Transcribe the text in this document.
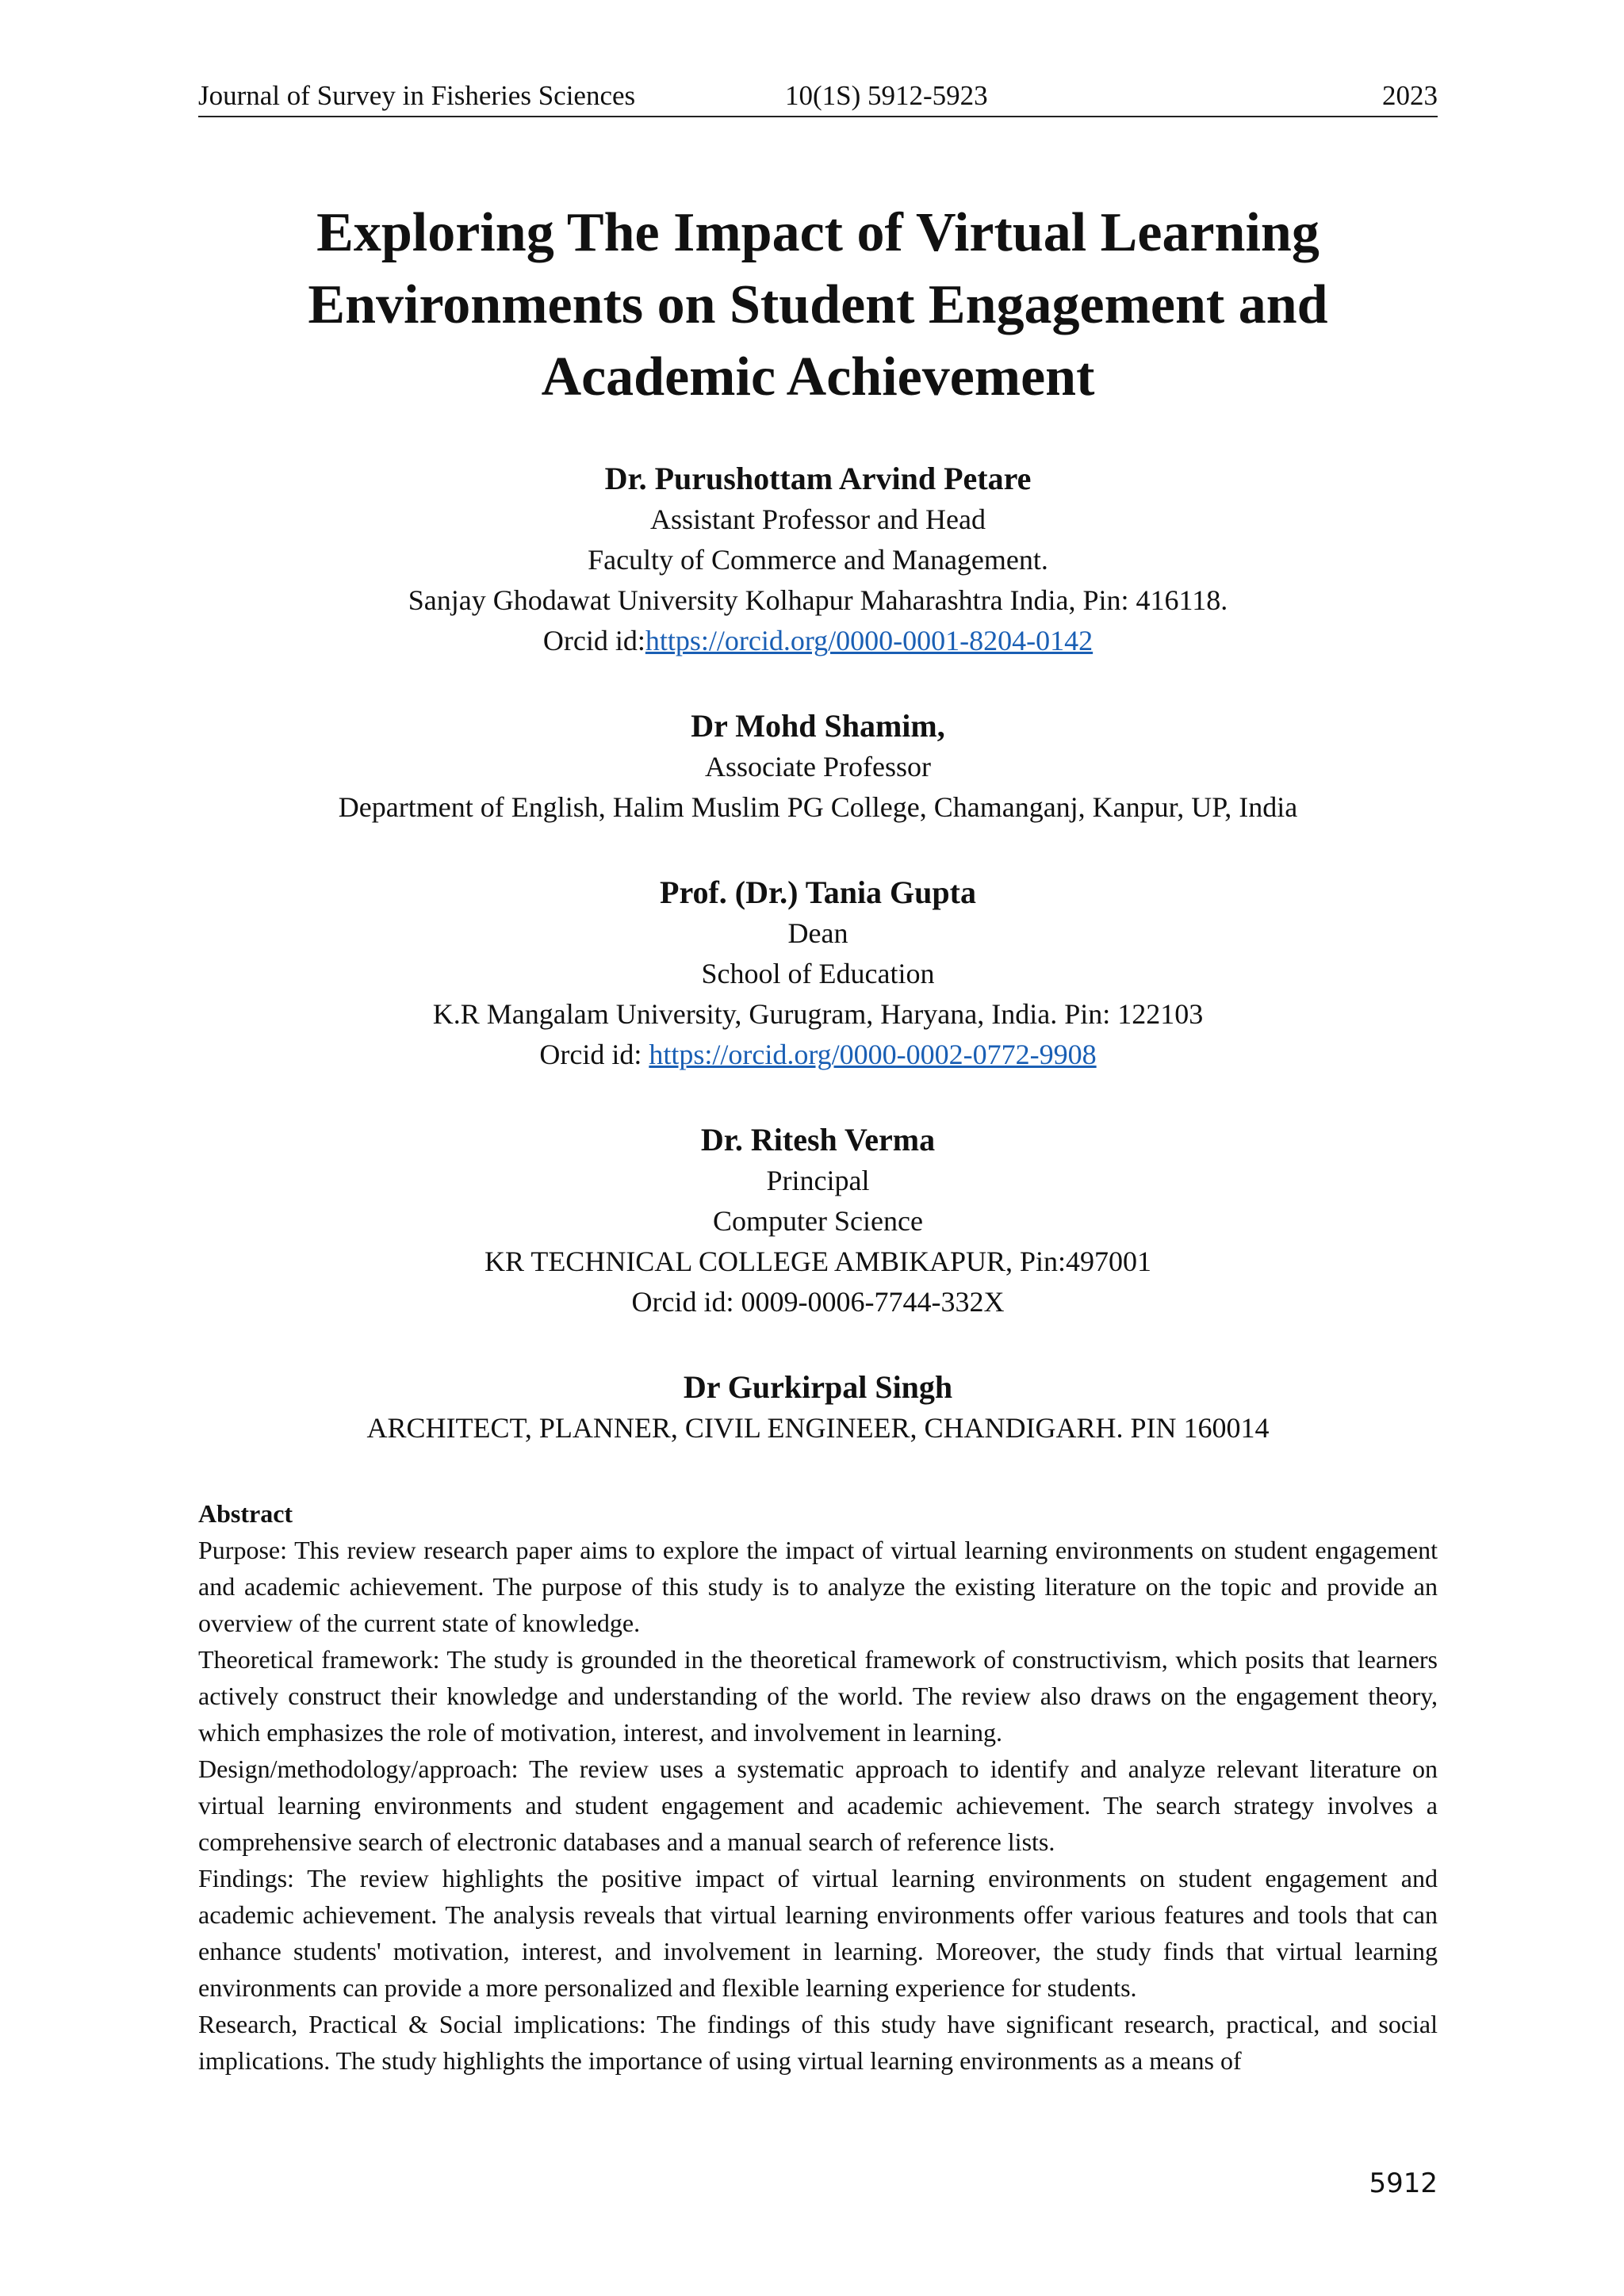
Journal of Survey in Fisheries Sciences	10(1S) 5912-5923	2023
Exploring The Impact of Virtual Learning
Environments on Student Engagement and
Academic Achievement
Dr. Purushottam Arvind Petare
Assistant Professor and Head
Faculty of Commerce and Management.
Sanjay Ghodawat University Kolhapur Maharashtra India, Pin: 416118.
Orcid id:https://orcid.org/0000-0001-8204-0142
Dr Mohd Shamim,
Associate Professor
Department of English, Halim Muslim PG College, Chamanganj, Kanpur, UP, India
Prof. (Dr.) Tania Gupta
Dean
School of Education
K.R Mangalam University, Gurugram, Haryana, India. Pin: 122103
Orcid id: https://orcid.org/0000-0002-0772-9908
Dr. Ritesh Verma
Principal
Computer Science
KR TECHNICAL COLLEGE AMBIKAPUR, Pin:497001
Orcid id: 0009-0006-7744-332X
Dr Gurkirpal Singh
ARCHITECT, PLANNER, CIVIL ENGINEER, CHANDIGARH. PIN 160014
Abstract

Purpose: This review research paper aims to explore the impact of virtual learning environments on student engagement and academic achievement. The purpose of this study is to analyze the existing literature on the topic and provide an overview of the current state of knowledge.

Theoretical framework: The study is grounded in the theoretical framework of constructivism, which posits that learners actively construct their knowledge and understanding of the world. The review also draws on the engagement theory, which emphasizes the role of motivation, interest, and involvement in learning.

Design/methodology/approach: The review uses a systematic approach to identify and analyze relevant literature on virtual learning environments and student engagement and academic achievement. The search strategy involves a comprehensive search of electronic databases and a manual search of reference lists.

Findings: The review highlights the positive impact of virtual learning environments on student engagement and academic achievement. The analysis reveals that virtual learning environments offer various features and tools that can enhance students' motivation, interest, and involvement in learning. Moreover, the study finds that virtual learning environments can provide a more personalized and flexible learning experience for students.

Research, Practical & Social implications: The findings of this study have significant research, practical, and social implications. The study highlights the importance of using virtual learning environments as a means of

5912
